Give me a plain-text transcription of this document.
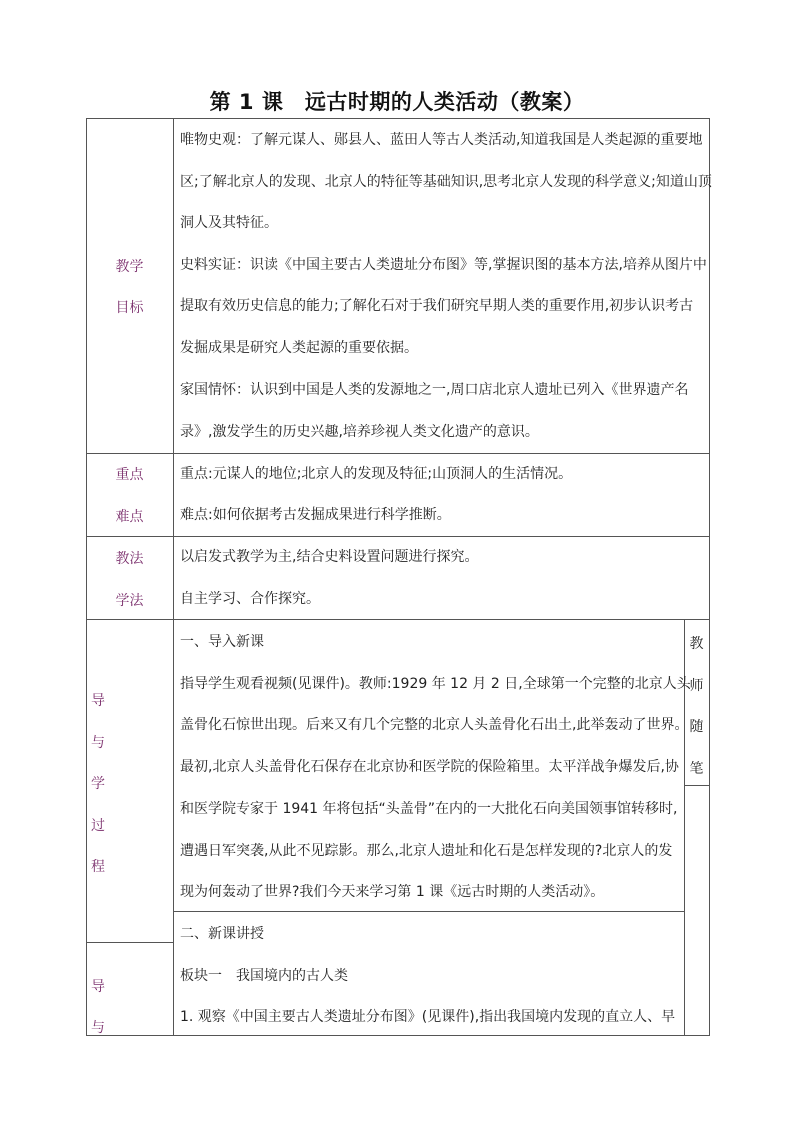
第 1 课　远古时期的人类活动（教案）
教学
目标
唯物史观：了解元谋人、郧县人、蓝田人等古人类活动,知道我国是人类起源的重要地
区;了解北京人的发现、北京人的特征等基础知识,思考北京人发现的科学意义;知道山顶
洞人及其特征。
史料实证：识读《中国主要古人类遗址分布图》等,掌握识图的基本方法,培养从图片中
提取有效历史信息的能力;了解化石对于我们研究早期人类的重要作用,初步认识考古
发掘成果是研究人类起源的重要依据。
家国情怀：认识到中国是人类的发源地之一,周口店北京人遗址已列入《世界遗产名
录》,激发学生的历史兴趣,培养珍视人类文化遗产的意识。
重点
难点
重点:元谋人的地位;北京人的发现及特征;山顶洞人的生活情况。
难点:如何依据考古发掘成果进行科学推断。
教法
学法
以启发式教学为主,结合史料设置问题进行探究。
自主学习、合作探究。
导
与
学
过
程
导
与
教
师
随
笔
一、导入新课
指导学生观看视频(见课件)。教师:1929 年 12 月 2 日,全球第一个完整的北京人头
盖骨化石惊世出现。后来又有几个完整的北京人头盖骨化石出土,此举轰动了世界。
最初,北京人头盖骨化石保存在北京协和医学院的保险箱里。太平洋战争爆发后,协
和医学院专家于 1941 年将包括“头盖骨”在内的一大批化石向美国领事馆转移时,
遭遇日军突袭,从此不见踪影。那么,北京人遗址和化石是怎样发现的?北京人的发
现为何轰动了世界?我们今天来学习第 1 课《远古时期的人类活动》。
二、新课讲授
板块一　我国境内的古人类
1. 观察《中国主要古人类遗址分布图》(见课件),指出我国境内发现的直立人、早
